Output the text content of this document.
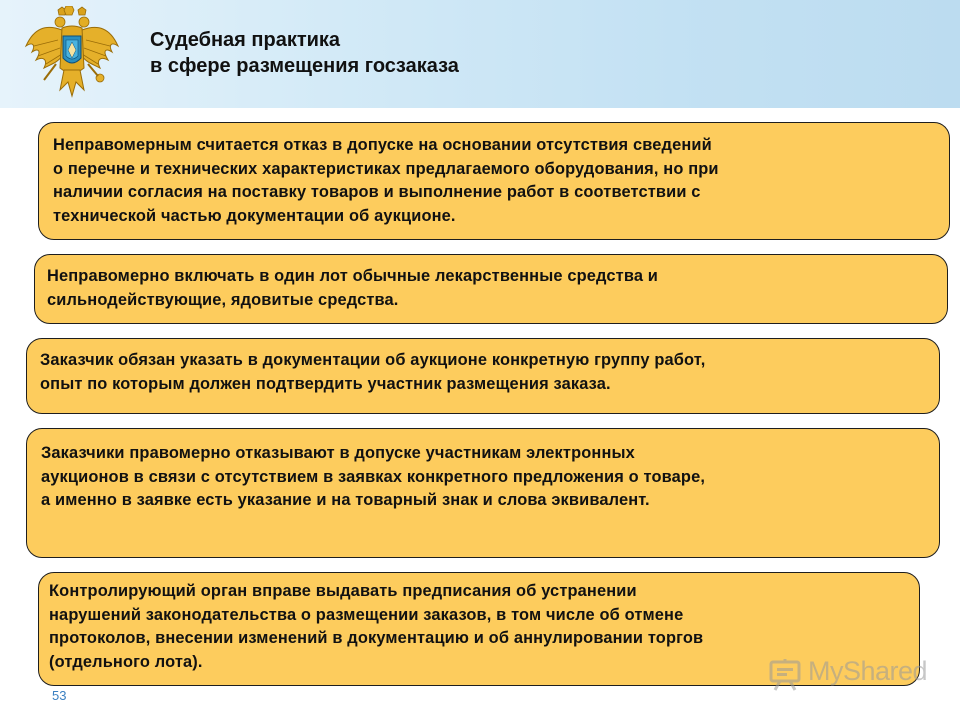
Судебная практика
в сфере размещения госзаказа

Неправомерным считается отказ в допуске на основании отсутствия сведений

о перечне и технических характеристиках предлагаемого оборудования, но при

наличии согласия на поставку товаров и выполнение работ в соответствии с

технической частью документации об аукционе.

Неправомерно включать в один лот обычные лекарственные средства и

сильнодействующие, ядовитые средства.

Заказчик обязан указать в документации об аукционе конкретную группу работ,

опыт по которым должен подтвердить участник размещения заказа.

Заказчики правомерно отказывают в допуске участникам электронных

аукционов в связи с отсутствием в заявках конкретного предложения о товаре,

а именно в заявке есть указание и на товарный знак и слова эквивалент.

Контролирующий орган вправе выдавать предписания об устранении

нарушений законодательства о размещении заказов, в том числе об отмене

протоколов, внесении изменений в документацию и об аннулировании торгов

(отдельного лота).

53
MyShared
